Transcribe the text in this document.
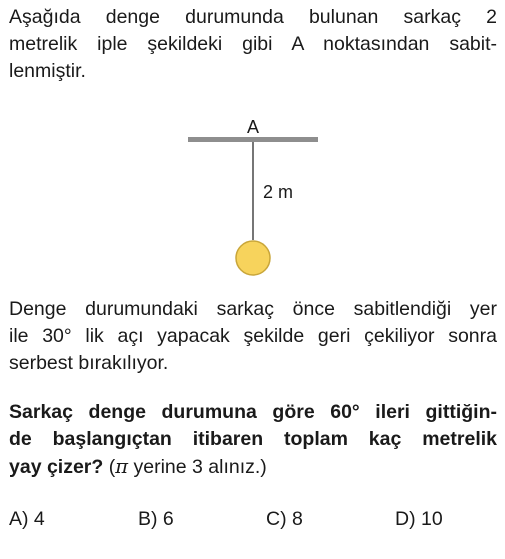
Aşağıda denge durumunda bulunan sarkaç 2
metrelik iple şekildeki gibi A noktasından sabit-
lenmiştir.
A
2 m
Denge durumundaki sarkaç önce sabitlendiği yer
ile 30° lik açı yapacak şekilde geri çekiliyor sonra
serbest bırakılıyor.
Sarkaç denge durumuna göre 60° ileri gittiğin-
de başlangıçtan itibaren toplam kaç metrelik
yay çizer? (π yerine 3 alınız.)
A) 4	B) 6	C) 8	D) 10
